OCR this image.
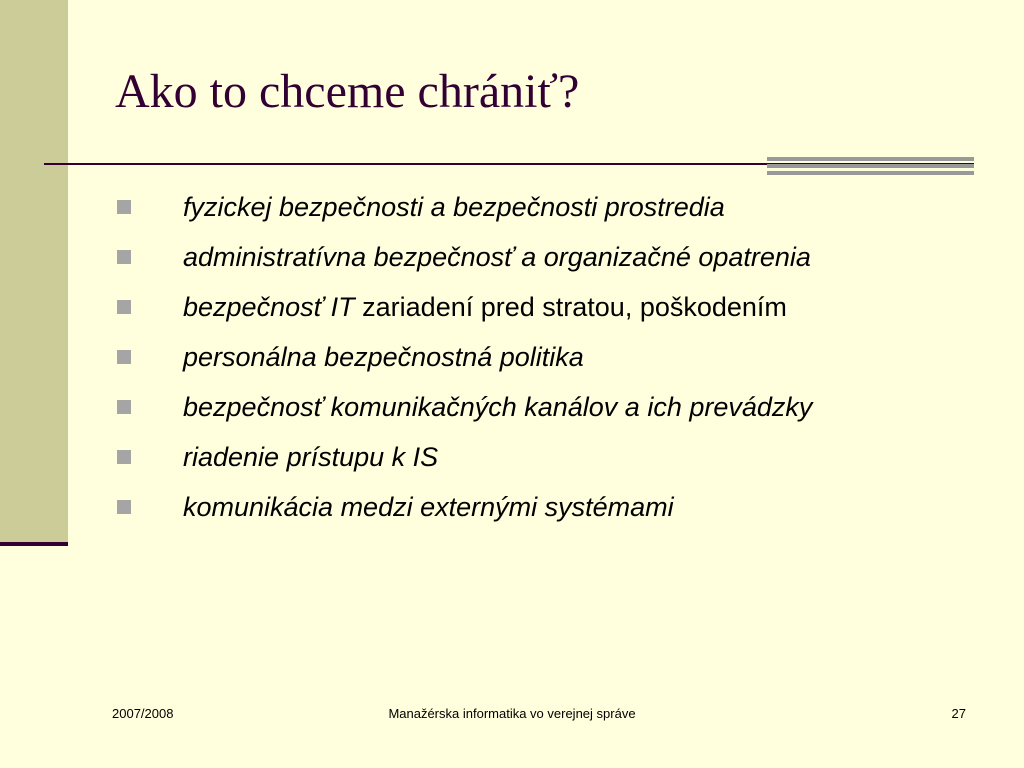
Ako to chceme chrániť?
fyzickej bezpečnosti a bezpečnosti prostredia
administratívna bezpečnosť a organizačné opatrenia
bezpečnosť IT zariadení pred stratou, poškodením
personálna bezpečnostná politika
bezpečnosť komunikačných kanálov a ich prevádzky
riadenie prístupu k IS
komunikácia medzi externými systémami
2007/2008	Manažérska informatika vo verejnej správe	27
